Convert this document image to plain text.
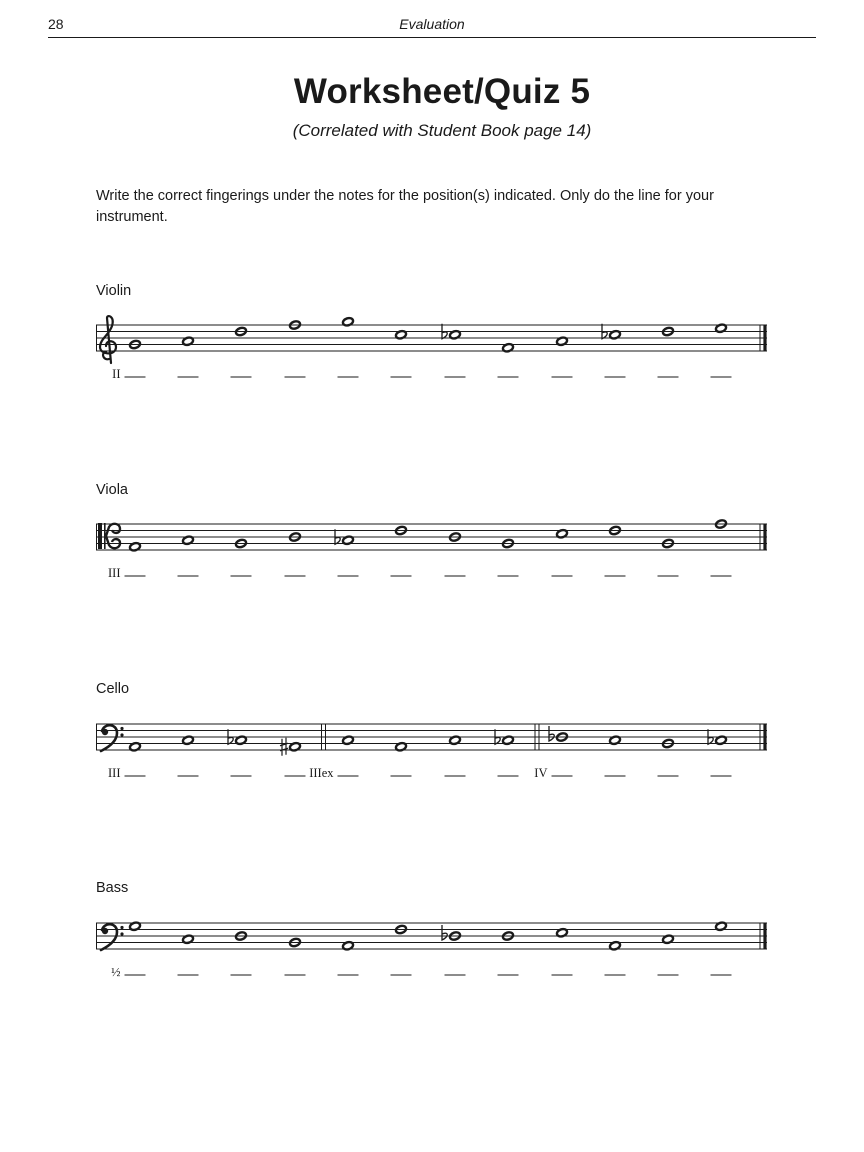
28	Evaluation
Worksheet/Quiz 5
(Correlated with Student Book page 14)
Write the correct fingerings under the notes for the position(s) indicated. Only do the line for your instrument.
Violin
Viola
Cello
Bass
II
III
III	IIIex	IV
½
